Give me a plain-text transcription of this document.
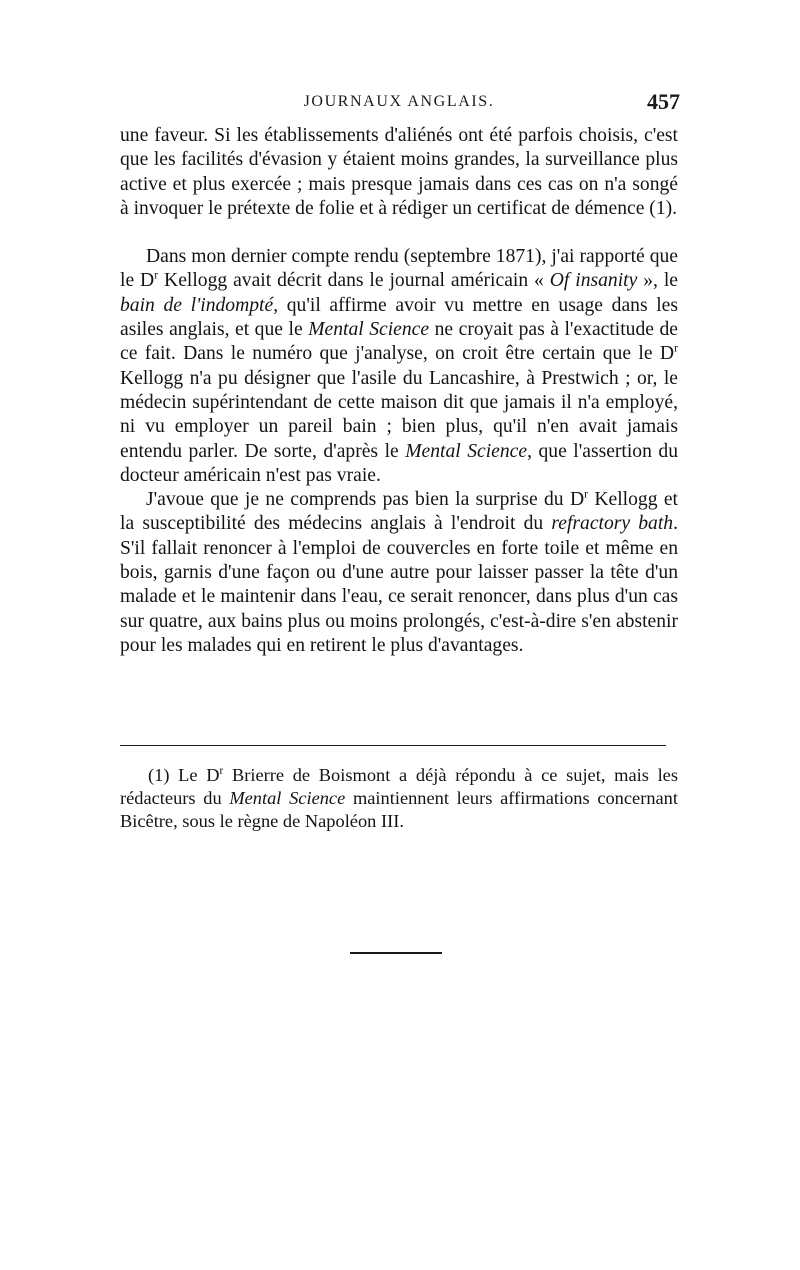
JOURNAUX ANGLAIS.	457

une faveur. Si les établissements d'aliénés ont été parfois choisis, c'est que les facilités d'évasion y étaient moins grandes, la surveillance plus active et plus exercée ; mais presque jamais dans ces cas on n'a songé à invoquer le prétexte de folie et à rédiger un certificat de démence (1).

Dans mon dernier compte rendu (septembre 1871), j'ai rapporté que le $D^r$ Kellogg avait décrit dans le journal américain « Of insanity », le bain de l'indompté, qu'il affirme avoir vu mettre en usage dans les asiles anglais, et que le Mental Science ne croyait pas à l'exactitude de ce fait. Dans le numéro que j'analyse, on croit être certain que le $D^r$ Kellogg n'a pu désigner que l'asile du Lancashire, à Prestwich ; or, le médecin supérintendant de cette maison dit que jamais il n'a employé, ni vu employer un pareil bain ; bien plus, qu'il n'en avait jamais entendu parler. De sorte, d'après le Mental Science, que l'assertion du docteur américain n'est pas vraie.

J'avoue que je ne comprends pas bien la surprise du $D^r$ Kellogg et la susceptibilité des médecins anglais à l'endroit du refractory bath. S'il fallait renoncer à l'emploi de couvercles en forte toile et même en bois, garnis d'une façon ou d'une autre pour laisser passer la tête d'un malade et le maintenir dans l'eau, ce serait renoncer, dans plus d'un cas sur quatre, aux bains plus ou moins prolongés, c'est-à-dire s'en abstenir pour les malades qui en retirent le plus d'avantages.

(1) Le $D^r$ Brierre de Boismont a déjà répondu à ce sujet, mais les rédacteurs du Mental Science maintiennent leurs affirmations concernant Bicêtre, sous le règne de Napoléon III.
